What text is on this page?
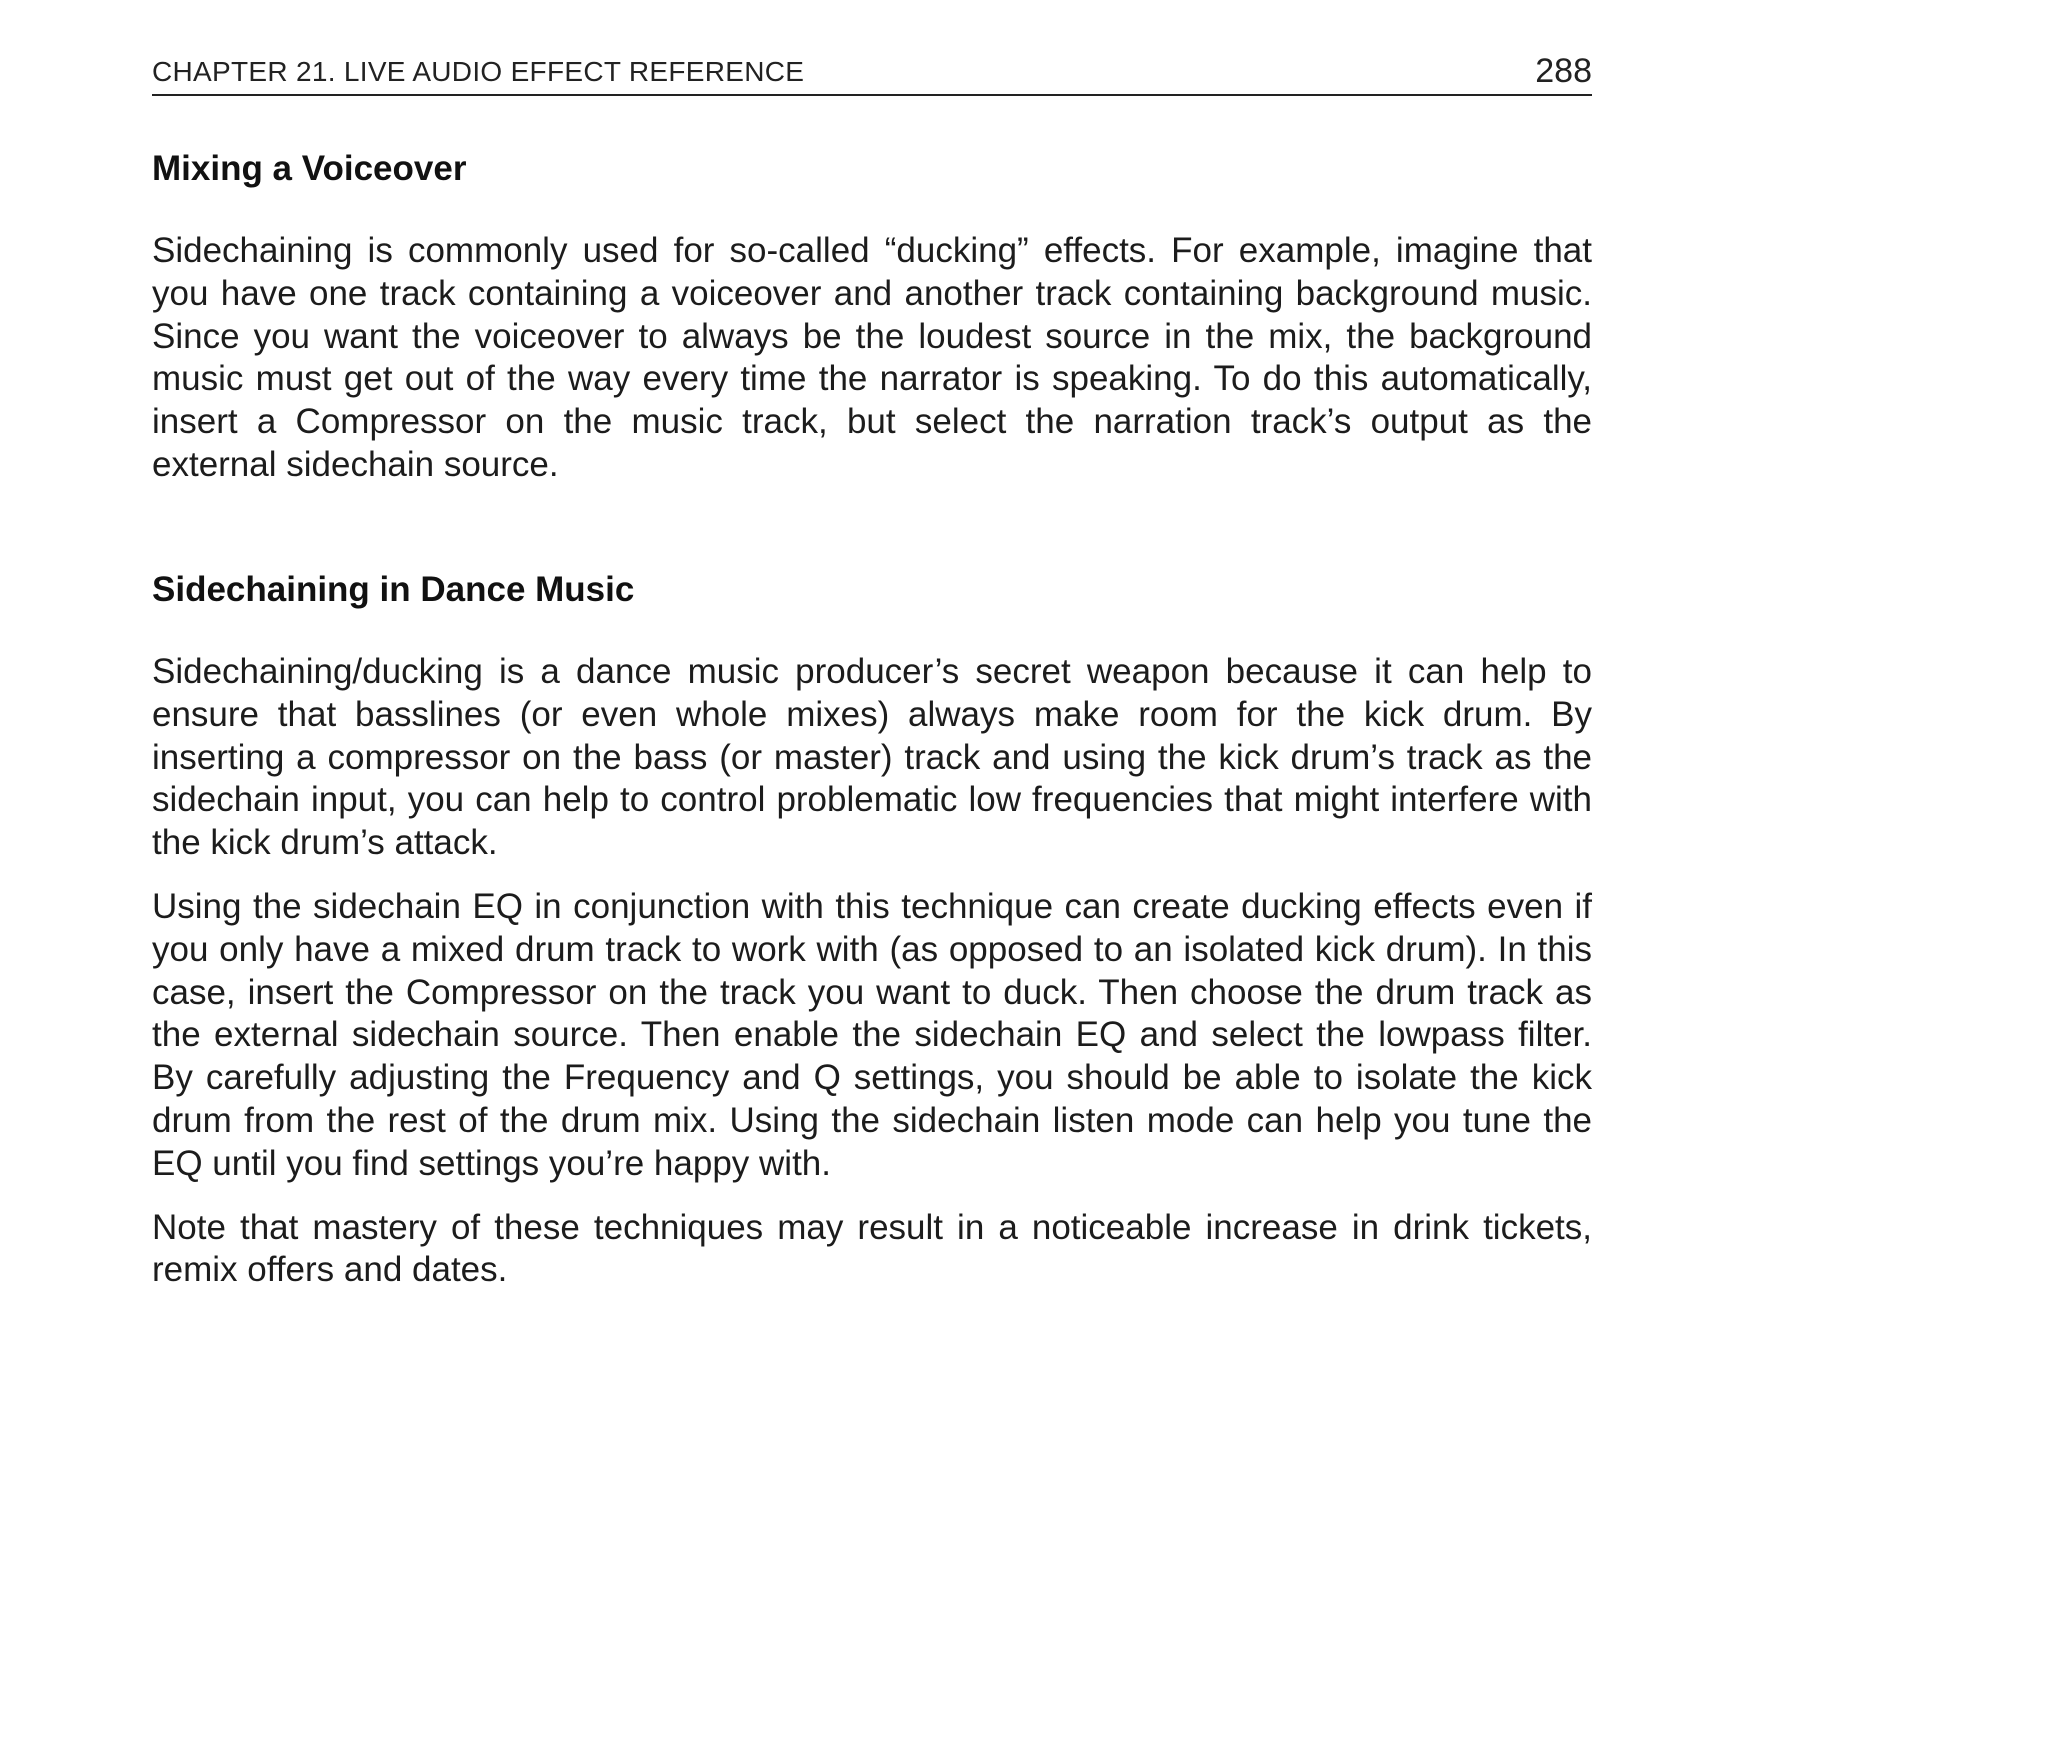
CHAPTER 21. LIVE AUDIO EFFECT REFERENCE	288
Mixing a Voiceover

Sidechaining is commonly used for so-called “ducking” effects. For example, imagine that you have one track containing a voiceover and another track containing background music. Since you want the voiceover to always be the loudest source in the mix, the background music must get out of the way every time the narrator is speaking. To do this automatically, insert a Compressor on the music track, but select the narration track’s output as the external sidechain source.

Sidechaining in Dance Music

Sidechaining/ducking is a dance music producer’s secret weapon because it can help to ensure that basslines (or even whole mixes) always make room for the kick drum. By inserting a compressor on the bass (or master) track and using the kick drum’s track as the sidechain input, you can help to control problematic low frequencies that might interfere with the kick drum’s attack.

Using the sidechain EQ in conjunction with this technique can create ducking effects even if you only have a mixed drum track to work with (as opposed to an isolated kick drum). In this case, insert the Compressor on the track you want to duck. Then choose the drum track as the external sidechain source. Then enable the sidechain EQ and select the lowpass filter. By carefully adjusting the Frequency and Q settings, you should be able to isolate the kick drum from the rest of the drum mix. Using the sidechain listen mode can help you tune the EQ until you find settings you’re happy with.

Note that mastery of these techniques may result in a noticeable increase in drink tickets, remix offers and dates.
